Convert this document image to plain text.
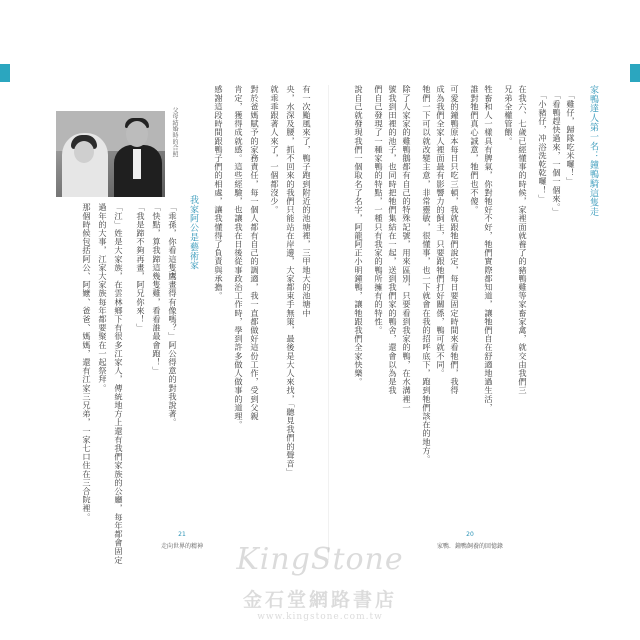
有一次颱風來了，鴨子跑到附近的池塘裡，三甲地大的池塘中
央，水深及腰，抓不回來的我們只能站在岸邊，大家都束手無策，最後是大人來找，「聽見我們的聲音」
就乖乖跟著人來了，一個都沒少。
對於爸媽賦予的家務責任，每一個人都有自己的調適，我一直都做好這份工作，受到父親
肯定，獲得成就感。這些經驗，也讓我在日後從事政治工作時，學到許多做人做事的道理。
感謝這段時間跟鴨子們的相處，讓我懂得了負責與承擔。
我家阿公是藝術家
「乖孫，你看這隻鷹畫得有像嗎？」阿公得意的對我說著。
「快點，算我蹄這幾隻雞，看看誰最會跑！」
「我是蹄不夠再畫，阿兄你來！」
「江」姓是大家族，在雲林鄉下有很多江家人，傳統地方上還有我們家族的公廳，每年都會固定
過年的大事，江家大家族每年都要聚在一起祭拜。
那個時候包括阿公、阿嬤、爸爸、媽媽，還有江家三兄弟，一家七口住在三合院裡。
父母結婚時的合照
21
走向世界的精神
家鴨達人第一名：鐘鴨騎這隻走
「雞仔，歸隊吃米囉！」
「看鴨趕快過來，一個一個來。」
「小豬仔，冲浴洗乾乾囉！」
在我六、七歲已經懂事的時候，家裡面就養了的豬鴨雞等家畜家禽，就交由我們三
兄弟全權管餵。
牲畜和人一樣具有脾氣，你對牠好不好，牠們實際都知道，讓牠們自在舒適地過生活，
誰對牠們真心誠意，牠們也不傻。
可愛的鐘鴨原本每日只吃三頓，我就跟牠們說定，每日要固定時間來看牠們，我得
成為我們全家人裡面最有影響力的飼主，只要跟牠們打好關係，鴨可就不同。
牠們一下可以就改變主意，非常靈敏，很懂事，也一下就會在我的招呼底下，跑到牠們該在的地方。
除了人家家的雞鴨鵝都有自己的特殊記號，用來區別，只要看到我家的鴨，在水溝裡一
號我到田裡的池子，也同時把牠們集結在一起，送到我們家的鴨舍，還會以為是我
們自己發現了一種家鴨的特點，一種只有我家的鴨所擁有的特性。
說自己就發現我們一個取名了名字，阿龍阿正小明鐘鴨，讓牠跟我們全家快樂。
20
家鴨．鐘鴨飼養的回憶錄
KingStone
金石堂網路書店
www.kingstone.com.tw
